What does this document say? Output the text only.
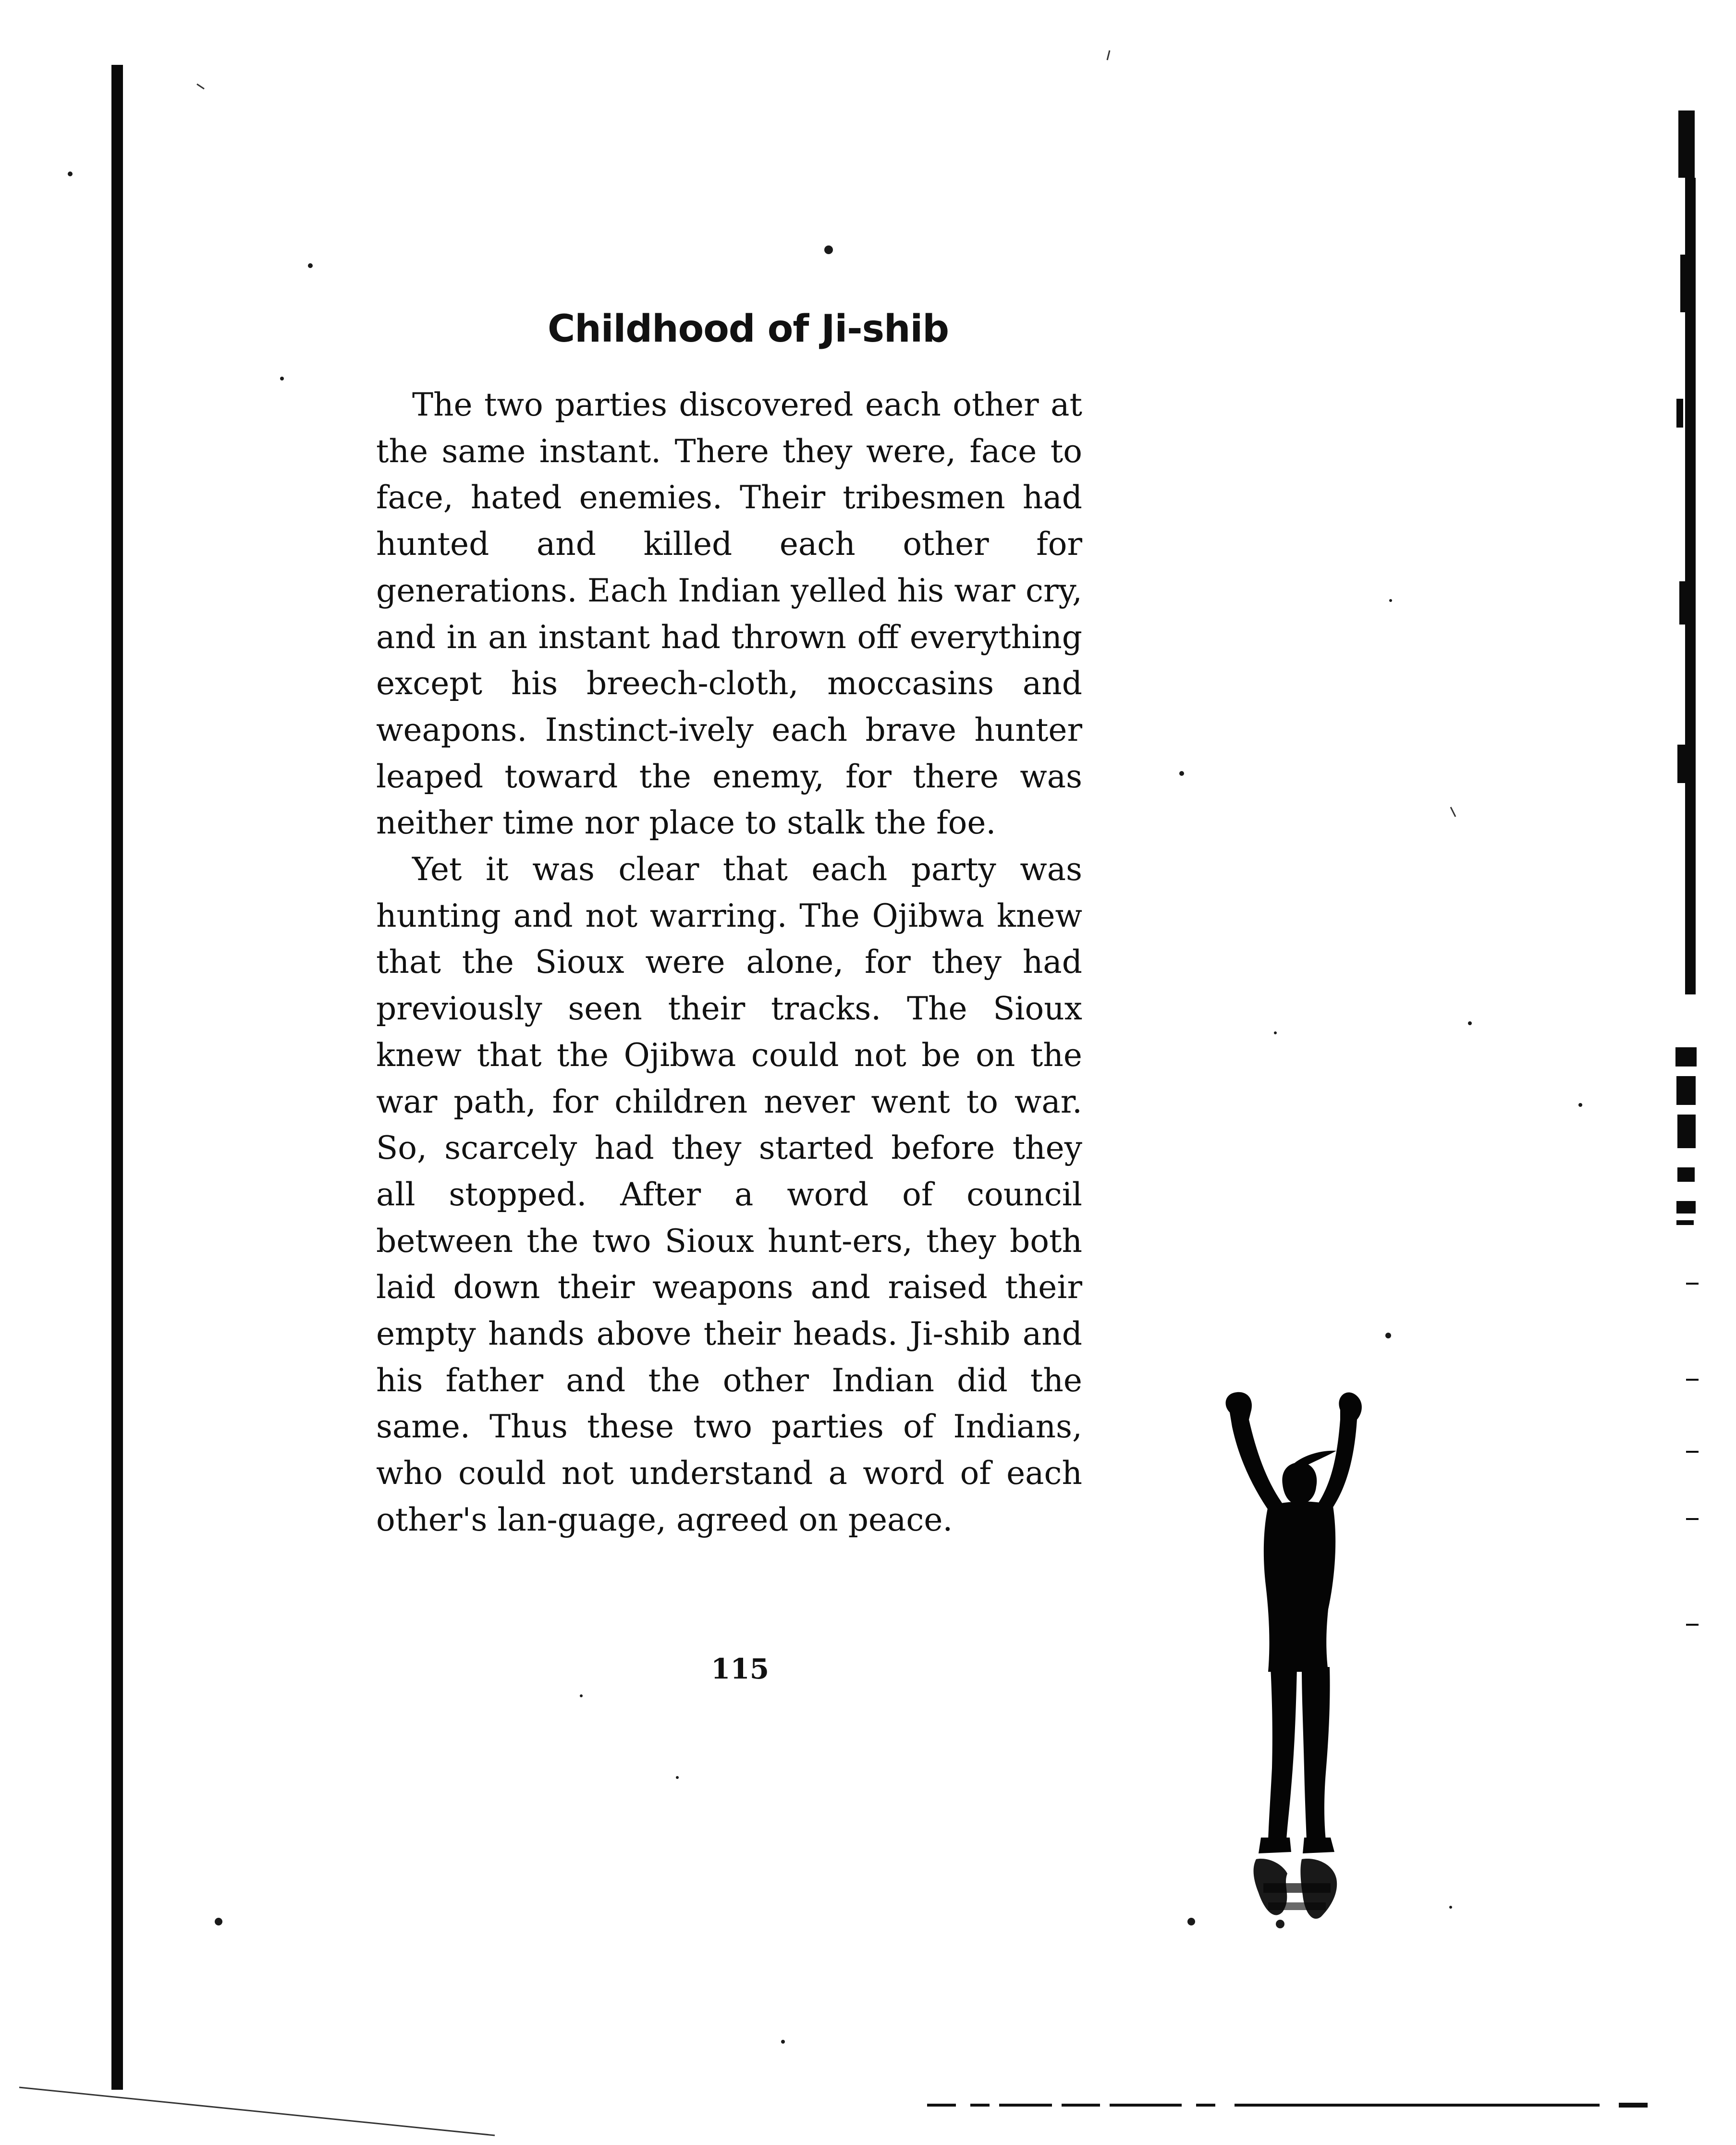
Childhood of Ji-shib

The two parties discovered each other at the same instant. There they were, face to face, hated enemies. Their tribesmen had hunted and killed each other for generations. Each Indian yelled his war cry, and in an instant had thrown off everything except his breech-cloth, moccasins and weapons. Instinct-ively each brave hunter leaped toward the enemy, for there was neither time nor place to stalk the foe.

Yet it was clear that each party was hunting and not warring. The Ojibwa knew that the Sioux were alone, for they had previously seen their tracks. The Sioux knew that the Ojibwa could not be on the war path, for children never went to war. So, scarcely had they started before they all stopped. After a word of council between the two Sioux hunt-ers, they both laid down their weapons and raised their empty hands above their heads. Ji-shib and his father and the other Indian did the same. Thus these two parties of Indians, who could not understand a word of each other's lan-guage, agreed on peace.

115
